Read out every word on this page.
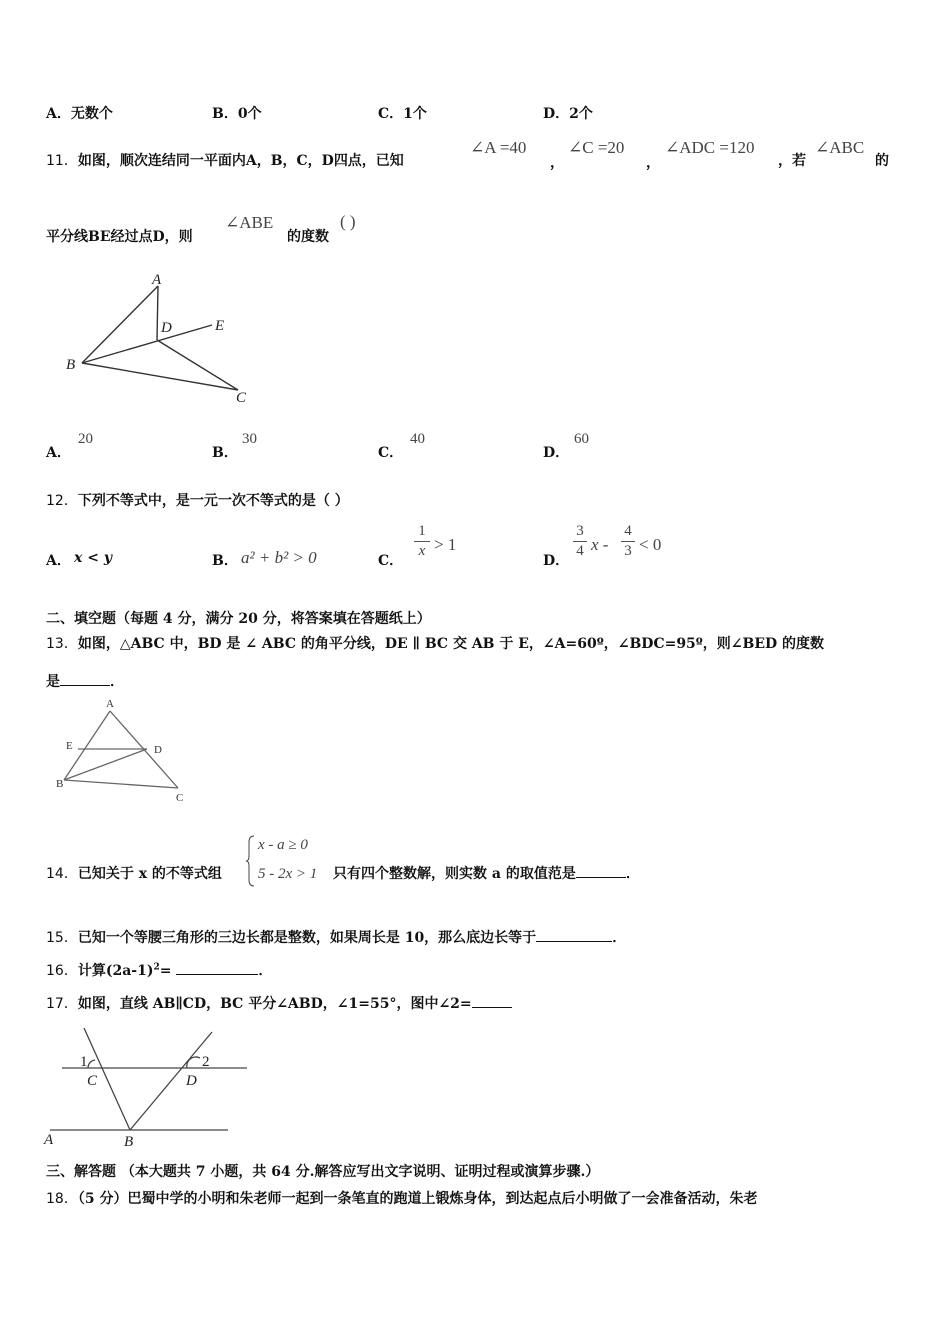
A．无数个	B．0个	C．1个	D．2个
11．如图，顺次连结同一平面内A，B，C，D四点，已知
∠A =40
，
∠C =20
，
∠ADC =120
，若
∠ABC
的
平分线BE经过点D，则
∠ABE
的度数
( )
A
B
C
D	E
A．
20
B．
30
C．
40
D．
60
12．下列不等式中，是一元一次不等式的是（ ）
A． x < y	B． a² + b² > 0	C．
1
x > 1
D．
3
4 x -
4
3 < 0
二、填空题（每题 4 分，满分 20 分，将答案填在答题纸上）
13．如图，△ABC 中，BD 是 ∠ ABC 的角平分线，DE ∥ BC 交 AB 于 E，∠A=60º，∠BDC=95º，则∠BED 的度数
是	．
A
E	D
B
C
14．已知关于 x 的不等式组
x - a ≥ 0
5 - 2x > 1 只有四个整数解，则实数 a 的取值范是	．
15．已知一个等腰三角形的三边长都是整数，如果周长是 10，那么底边长等于	．
16．计算$(2a-1)^2=$	．
17．如图，直线 AB∥CD，BC 平分∠ABD，∠1=55°，图中∠2=
1	2
C	D
A	B
三、解答题 （本大题共 7 小题，共 64 分.解答应写出文字说明、证明过程或演算步骤.）
18．（5 分）巴蜀中学的小明和朱老师一起到一条笔直的跑道上锻炼身体，到达起点后小明做了一会准备活动，朱老
